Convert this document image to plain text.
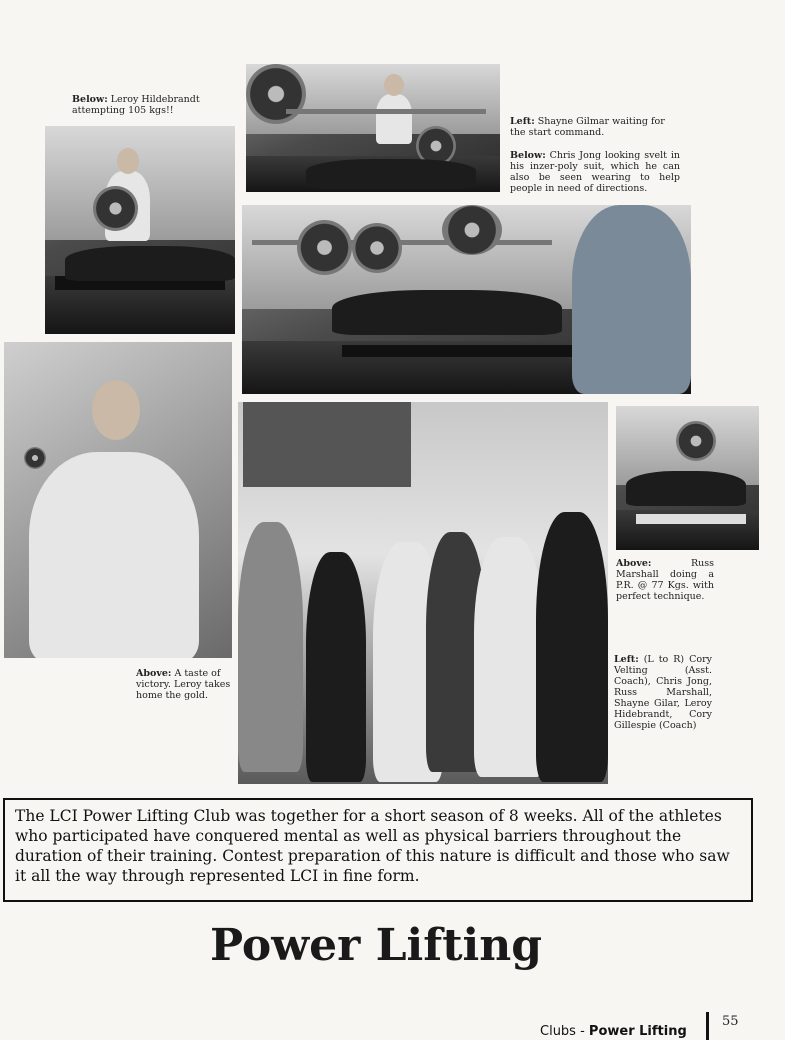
Below: Leroy Hildebrandt attempting 105 kgs!!
Left: Shayne Gilmar waiting for the start command.
Below: Chris Jong looking svelt in his inzer-poly suit, which he can also be seen wearing to help people in need of directions.
Above: A taste of victory. Leroy takes home the gold.
Above:	Russ Marshall doing a P.R. @ 77 Kgs. with perfect technique.
Left: (L to R) Cory Velting (Asst. Coach), Chris Jong, Russ Marshall, Shayne Gilar, Leroy Hidebrandt, Cory Gillespie (Coach)
The LCI Power Lifting Club was together for a short season of 8 weeks. All of the athletes who participated have conquered mental as well as physical barriers throughout the duration of their training. Contest preparation of this nature is difficult and those who saw it all the way through represented LCI in fine form.
Power Lifting
Clubs - Power Lifting
55
